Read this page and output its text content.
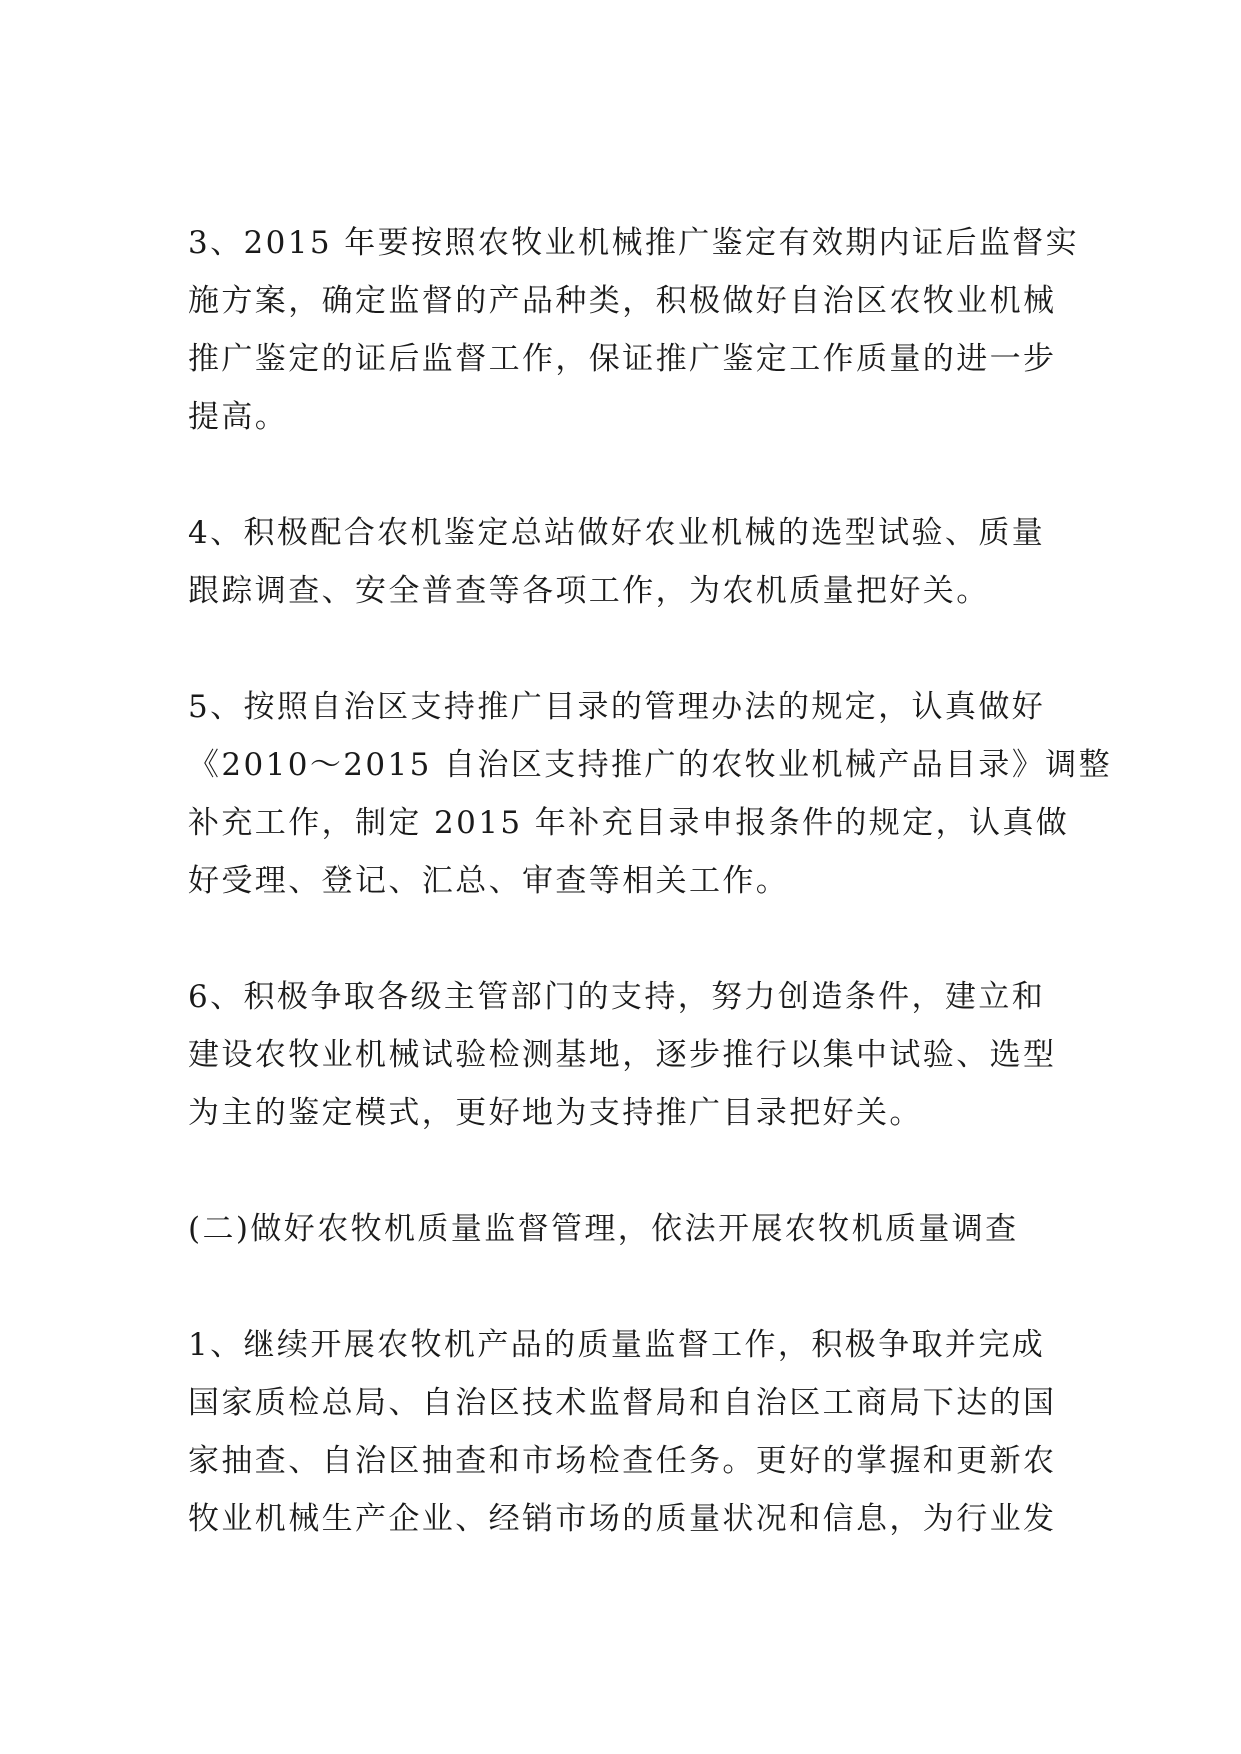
3、2015 年要按照农牧业机械推广鉴定有效期内证后监督实
施方案，确定监督的产品种类，积极做好自治区农牧业机械
推广鉴定的证后监督工作，保证推广鉴定工作质量的进一步
提高。
4、积极配合农机鉴定总站做好农业机械的选型试验、质量
跟踪调查、安全普查等各项工作，为农机质量把好关。
5、按照自治区支持推广目录的管理办法的规定，认真做好
《2010～2015 自治区支持推广的农牧业机械产品目录》调整
补充工作，制定 2015 年补充目录申报条件的规定，认真做
好受理、登记、汇总、审查等相关工作。
6、积极争取各级主管部门的支持，努力创造条件，建立和
建设农牧业机械试验检测基地，逐步推行以集中试验、选型
为主的鉴定模式，更好地为支持推广目录把好关。
(二)做好农牧机质量监督管理，依法开展农牧机质量调查
1、继续开展农牧机产品的质量监督工作，积极争取并完成
国家质检总局、自治区技术监督局和自治区工商局下达的国
家抽查、自治区抽查和市场检查任务。更好的掌握和更新农
牧业机械生产企业、经销市场的质量状况和信息，为行业发
